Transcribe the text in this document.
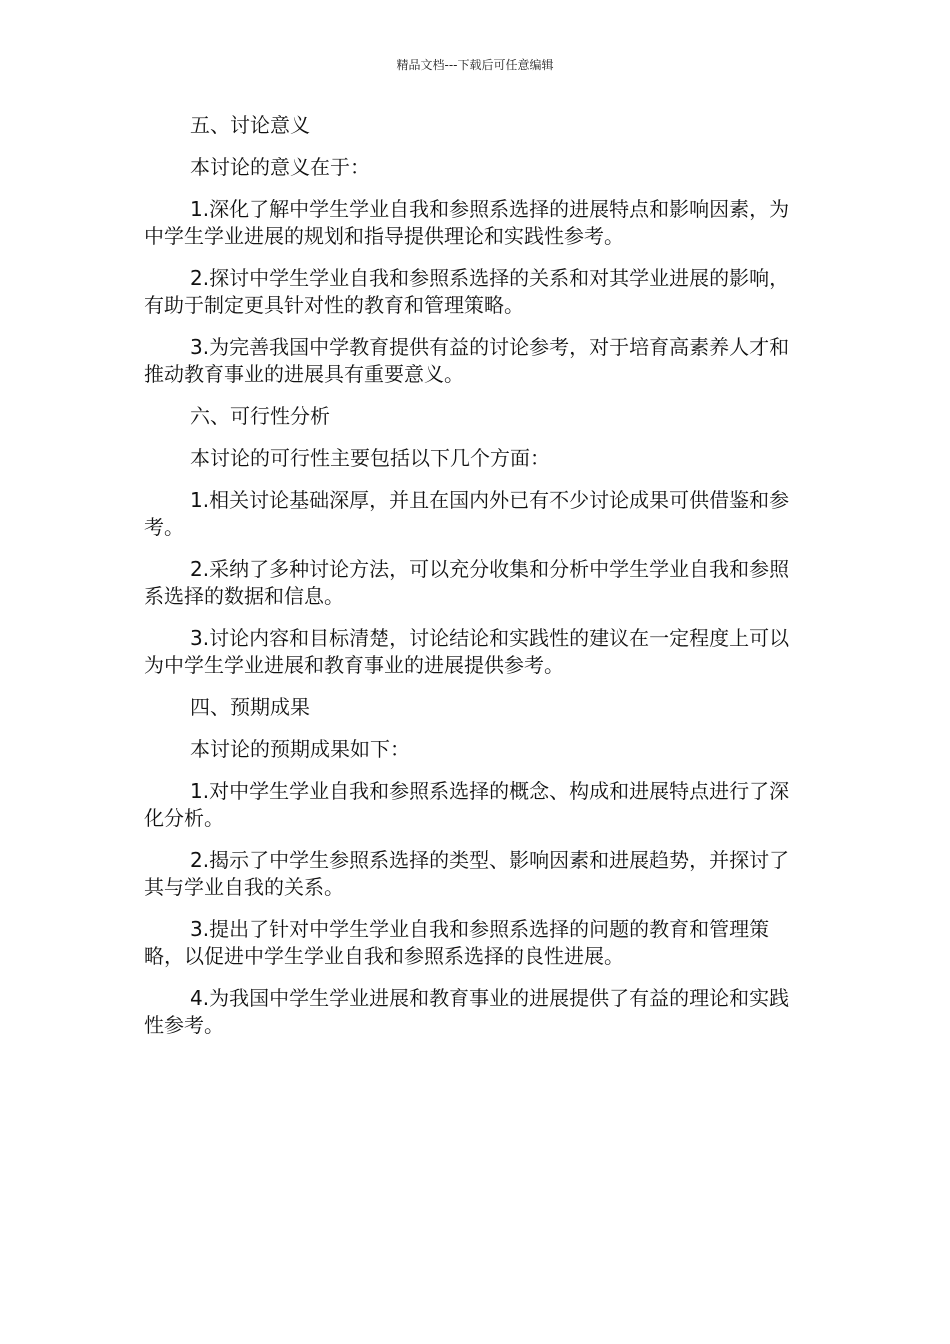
精品文档---下载后可任意编辑

五、讨论意义

本讨论的意义在于：

1.深化了解中学生学业自我和参照系选择的进展特点和影响因素，为中学生学业进展的规划和指导提供理论和实践性参考。

2.探讨中学生学业自我和参照系选择的关系和对其学业进展的影响，有助于制定更具针对性的教育和管理策略。

3.为完善我国中学教育提供有益的讨论参考，对于培育高素养人才和推动教育事业的进展具有重要意义。

六、可行性分析

本讨论的可行性主要包括以下几个方面：

1.相关讨论基础深厚，并且在国内外已有不少讨论成果可供借鉴和参考。

2.采纳了多种讨论方法，可以充分收集和分析中学生学业自我和参照系选择的数据和信息。

3.讨论内容和目标清楚，讨论结论和实践性的建议在一定程度上可以为中学生学业进展和教育事业的进展提供参考。

四、预期成果

本讨论的预期成果如下：

1.对中学生学业自我和参照系选择的概念、构成和进展特点进行了深化分析。

2.揭示了中学生参照系选择的类型、影响因素和进展趋势，并探讨了其与学业自我的关系。

3.提出了针对中学生学业自我和参照系选择的问题的教育和管理策略，以促进中学生学业自我和参照系选择的良性进展。

4.为我国中学生学业进展和教育事业的进展提供了有益的理论和实践性参考。
